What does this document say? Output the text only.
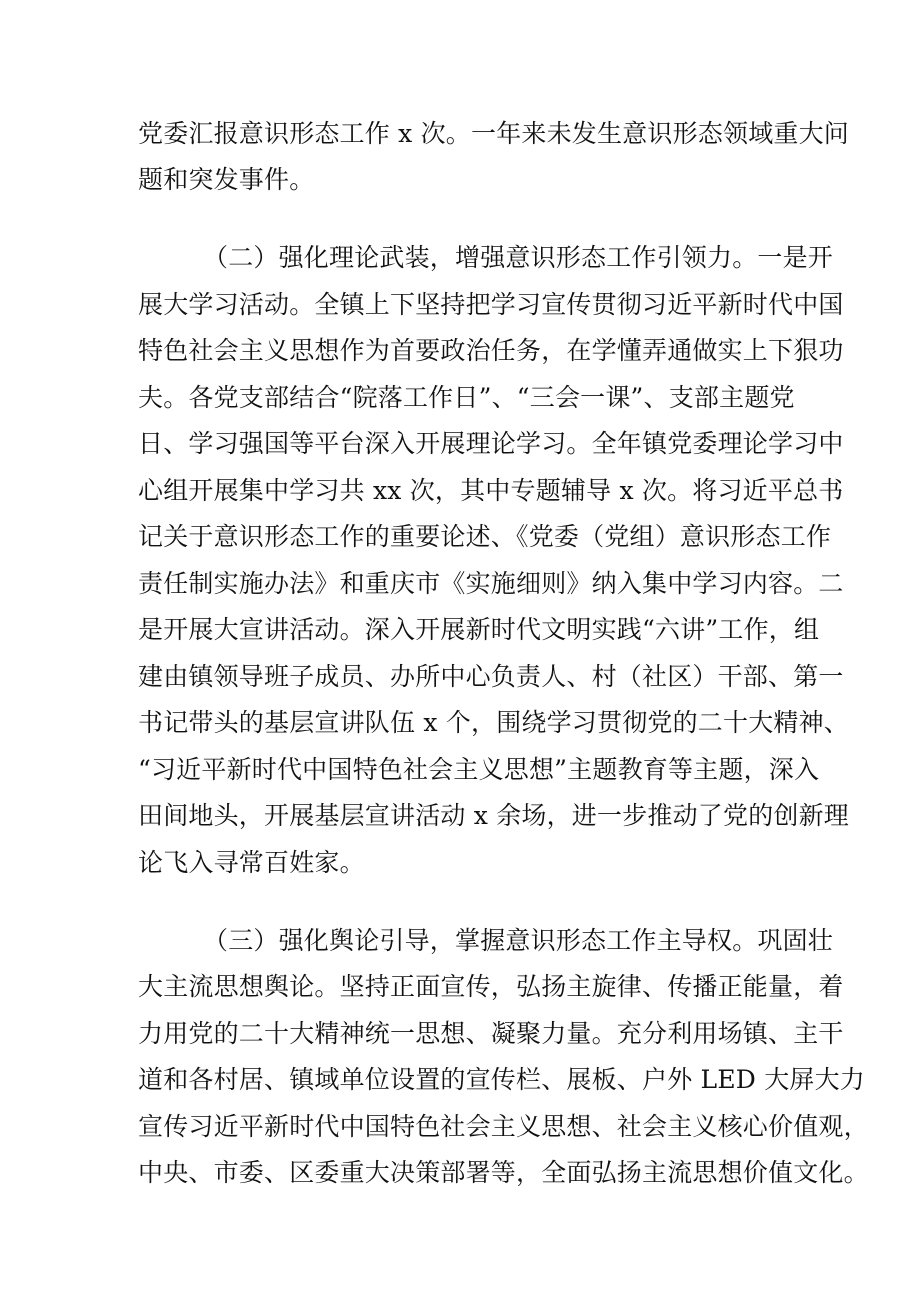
党委汇报意识形态工作 x 次。一年来未发生意识形态领域重大问
题和突发事件。
（二）强化理论武装，增强意识形态工作引领力。一是开
展大学习活动。全镇上下坚持把学习宣传贯彻习近平新时代中国
特色社会主义思想作为首要政治任务，在学懂弄通做实上下狠功
夫。各党支部结合“院落工作日”、“三会一课”、支部主题党
日、学习强国等平台深入开展理论学习。全年镇党委理论学习中
心组开展集中学习共 xx 次，其中专题辅导 x 次。将习近平总书
记关于意识形态工作的重要论述、《党委（党组）意识形态工作
责任制实施办法》和重庆市《实施细则》纳入集中学习内容。二
是开展大宣讲活动。深入开展新时代文明实践“六讲”工作，组
建由镇领导班子成员、办所中心负责人、村（社区）干部、第一
书记带头的基层宣讲队伍 x 个，围绕学习贯彻党的二十大精神、
“习近平新时代中国特色社会主义思想”主题教育等主题，深入
田间地头，开展基层宣讲活动 x 余场，进一步推动了党的创新理
论飞入寻常百姓家。
（三）强化舆论引导，掌握意识形态工作主导权。巩固壮
大主流思想舆论。坚持正面宣传，弘扬主旋律、传播正能量，着
力用党的二十大精神统一思想、凝聚力量。充分利用场镇、主干
道和各村居、镇域单位设置的宣传栏、展板、户外 LED 大屏大力
宣传习近平新时代中国特色社会主义思想、社会主义核心价值观，
中央、市委、区委重大决策部署等，全面弘扬主流思想价值文化。
